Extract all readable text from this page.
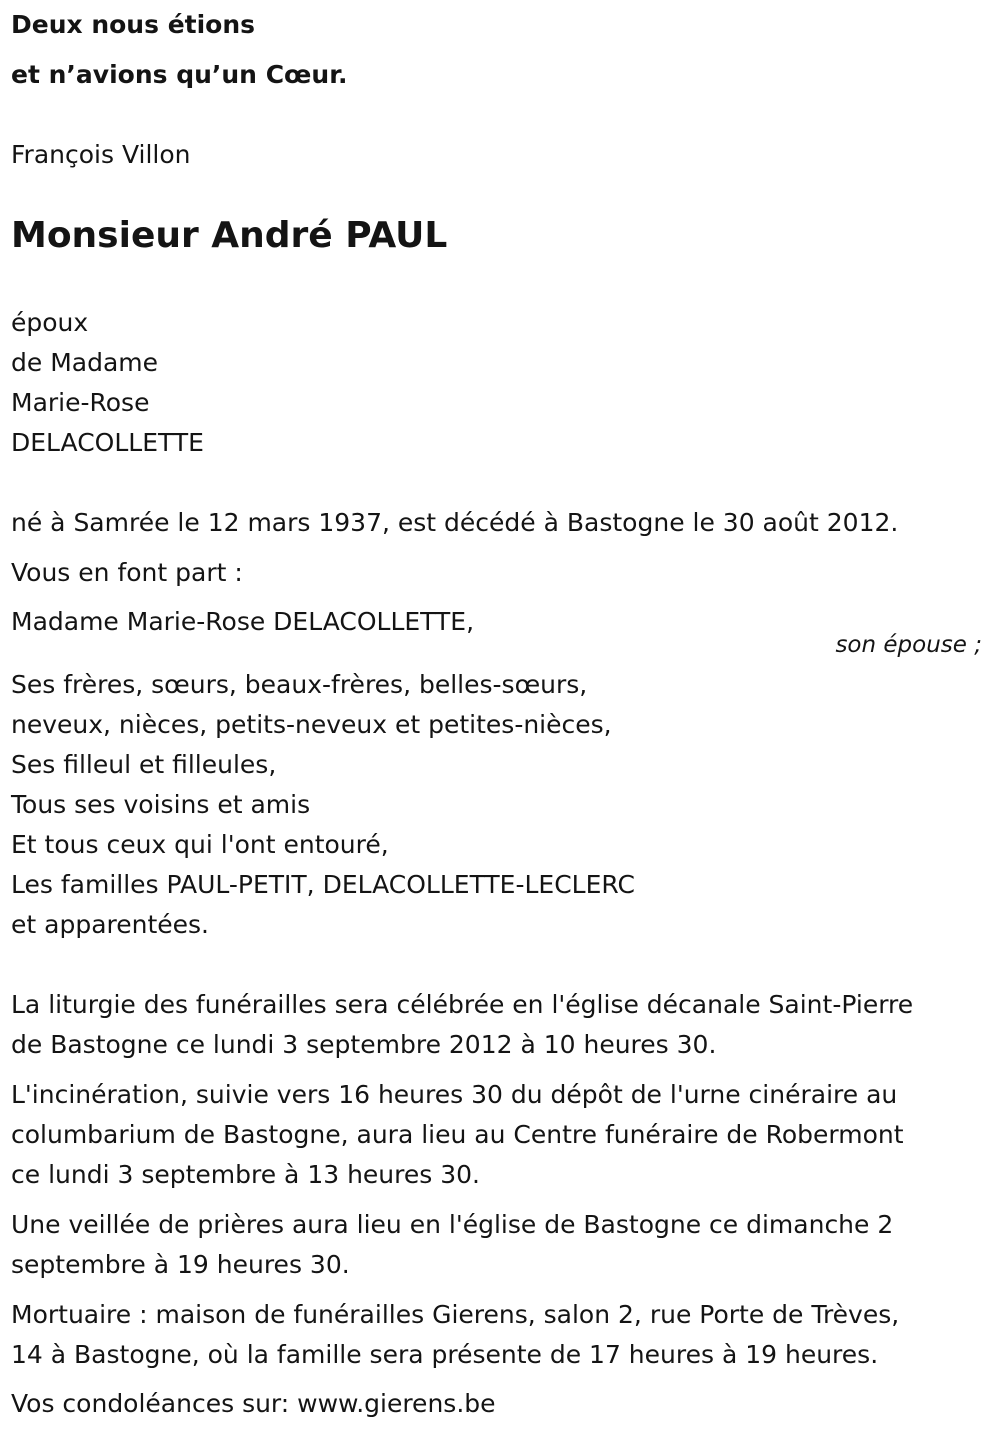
Deux nous étions
et n’avions qu’un Cœur.
François Villon
Monsieur André PAUL
époux
de Madame
Marie-Rose
DELACOLLETTE
né à Samrée le 12 mars 1937, est décédé à Bastogne le 30 août 2012.
Vous en font part :
Madame Marie-Rose DELACOLLETTE,
son épouse ;
Ses frères, sœurs, beaux-frères, belles-sœurs,
neveux, nièces, petits-neveux et petites-nièces,
Ses filleul et filleules,
Tous ses voisins et amis
Et tous ceux qui l'ont entouré,
Les familles PAUL-PETIT, DELACOLLETTE-LECLERC
et apparentées.
La liturgie des funérailles sera célébrée en l'église décanale Saint-Pierre
de Bastogne ce lundi 3 septembre 2012 à 10 heures 30.
L'incinération, suivie vers 16 heures 30 du dépôt de l'urne cinéraire au
columbarium de Bastogne, aura lieu au Centre funéraire de Robermont
ce lundi 3 septembre à 13 heures 30.
Une veillée de prières aura lieu en l'église de Bastogne ce dimanche 2
septembre à 19 heures 30.
Mortuaire : maison de funérailles Gierens, salon 2, rue Porte de Trèves,
14 à Bastogne, où la famille sera présente de 17 heures à 19 heures.
Vos condoléances sur: www.gierens.be
